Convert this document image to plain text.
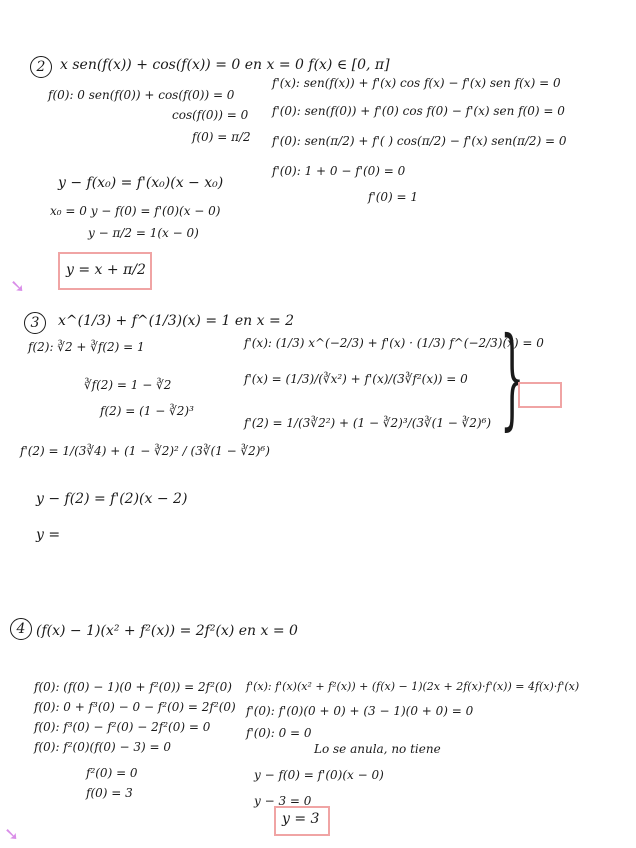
2	x sen(f(x)) + cos(f(x)) = 0 en x = 0 f(x) ∈ [0, π]
f(0): 0 sen(f(0)) + cos(f(0)) = 0
cos(f(0)) = 0
f(0) = π/2
f'(x): sen(f(x)) + f'(x) cos f(x) − f'(x) sen f(x) = 0
f'(0): sen(f(0)) + f'(0) cos f(0) − f'(x) sen f(0) = 0
f'(0): sen(π/2) + f'( ) cos(π/2) − f'(x) sen(π/2) = 0
f'(0): 1 + 0 − f'(0) = 0
f'(0) = 1
y − f(x₀) = f'(x₀)(x − x₀)
x₀ = 0 y − f(0) = f'(0)(x − 0)
y − π/2 = 1(x − 0)
y = x + π/2
➘
3	x^(1/3) + f^(1/3)(x) = 1 en x = 2
f(2): ∛2 + ∛f(2) = 1
∛f(2) = 1 − ∛2
f(2) = (1 − ∛2)³
f'(2) = 1/(3∛4) + (1 − ∛2)² / (3∛(1 − ∛2)⁶)
y − f(2) = f'(2)(x − 2)
y =
f'(x): (1/3) x^(−2/3) + f'(x) · (1/3) f^(−2/3)(x) = 0
f'(x) = (1/3)/(∛x²) + f'(x)/(3∛f²(x)) = 0
f'(2) = 1/(3∛2²) + (1 − ∛2)³/(3∛(1 − ∛2)⁶) }
4 (f(x) − 1)(x² + f²(x)) = 2f²(x) en x = 0
f(0): (f(0) − 1)(0 + f²(0)) = 2f²(0)
f(0): 0 + f³(0) − 0 − f²(0) = 2f²(0)
f(0): f³(0) − f²(0) − 2f²(0) = 0
f(0): f²(0)(f(0) − 3) = 0
f²(0) = 0
f(0) = 3
f'(x): f'(x)(x² + f²(x)) + (f(x) − 1)(2x + 2f(x)·f'(x)) = 4f(x)·f'(x)
f'(0): f'(0)(0 + 0) + (3 − 1)(0 + 0) = 0
f'(0): 0 = 0
Lo se anula, no tiene
y − f(0) = f'(0)(x − 0)
y − 3 = 0
y = 3
➘
